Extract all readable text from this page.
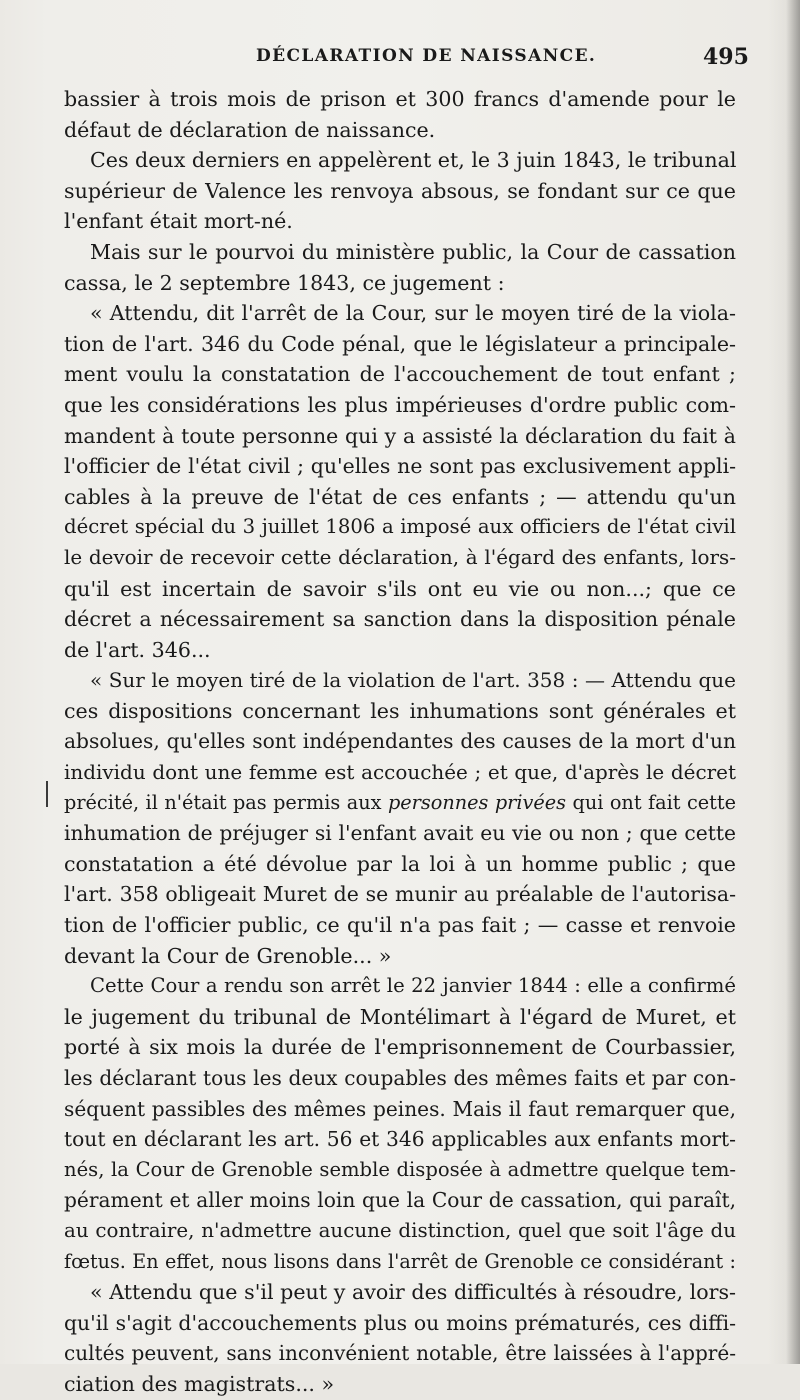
DÉCLARATION DE NAISSANCE.	495
bassier à trois mois de prison et 300 francs d'amende pour le
défaut de déclaration de naissance.
Ces deux derniers en appelèrent et, le 3 juin 1843, le tribunal
supérieur de Valence les renvoya absous, se fondant sur ce que
l'enfant était mort-né.
Mais sur le pourvoi du ministère public, la Cour de cassation
cassa, le 2 septembre 1843, ce jugement :
« Attendu, dit l'arrêt de la Cour, sur le moyen tiré de la viola-
tion de l'art. 346 du Code pénal, que le législateur a principale-
ment voulu la constatation de l'accouchement de tout enfant ;
que les considérations les plus impérieuses d'ordre public com-
mandent à toute personne qui y a assisté la déclaration du fait à
l'officier de l'état civil ; qu'elles ne sont pas exclusivement appli-
cables à la preuve de l'état de ces enfants ; — attendu qu'un
décret spécial du 3 juillet 1806 a imposé aux officiers de l'état civil
le devoir de recevoir cette déclaration, à l'égard des enfants, lors-
qu'il est incertain de savoir s'ils ont eu vie ou non...; que ce
décret a nécessairement sa sanction dans la disposition pénale
de l'art. 346...
« Sur le moyen tiré de la violation de l'art. 358 : — Attendu que
ces dispositions concernant les inhumations sont générales et
absolues, qu'elles sont indépendantes des causes de la mort d'un
individu dont une femme est accouchée ; et que, d'après le décret
précité, il n'était pas permis aux personnes privées qui ont fait cette
inhumation de préjuger si l'enfant avait eu vie ou non ; que cette
constatation a été dévolue par la loi à un homme public ; que
l'art. 358 obligeait Muret de se munir au préalable de l'autorisa-
tion de l'officier public, ce qu'il n'a pas fait ; — casse et renvoie
devant la Cour de Grenoble... »
Cette Cour a rendu son arrêt le 22 janvier 1844 : elle a confirmé
le jugement du tribunal de Montélimart à l'égard de Muret, et
porté à six mois la durée de l'emprisonnement de Courbassier,
les déclarant tous les deux coupables des mêmes faits et par con-
séquent passibles des mêmes peines. Mais il faut remarquer que,
tout en déclarant les art. 56 et 346 applicables aux enfants mort-
nés, la Cour de Grenoble semble disposée à admettre quelque tem-
pérament et aller moins loin que la Cour de cassation, qui paraît,
au contraire, n'admettre aucune distinction, quel que soit l'âge du
fœtus. En effet, nous lisons dans l'arrêt de Grenoble ce considérant :
« Attendu que s'il peut y avoir des difficultés à résoudre, lors-
qu'il s'agit d'accouchements plus ou moins prématurés, ces diffi-
cultés peuvent, sans inconvénient notable, être laissées à l'appré-
ciation des magistrats... »
